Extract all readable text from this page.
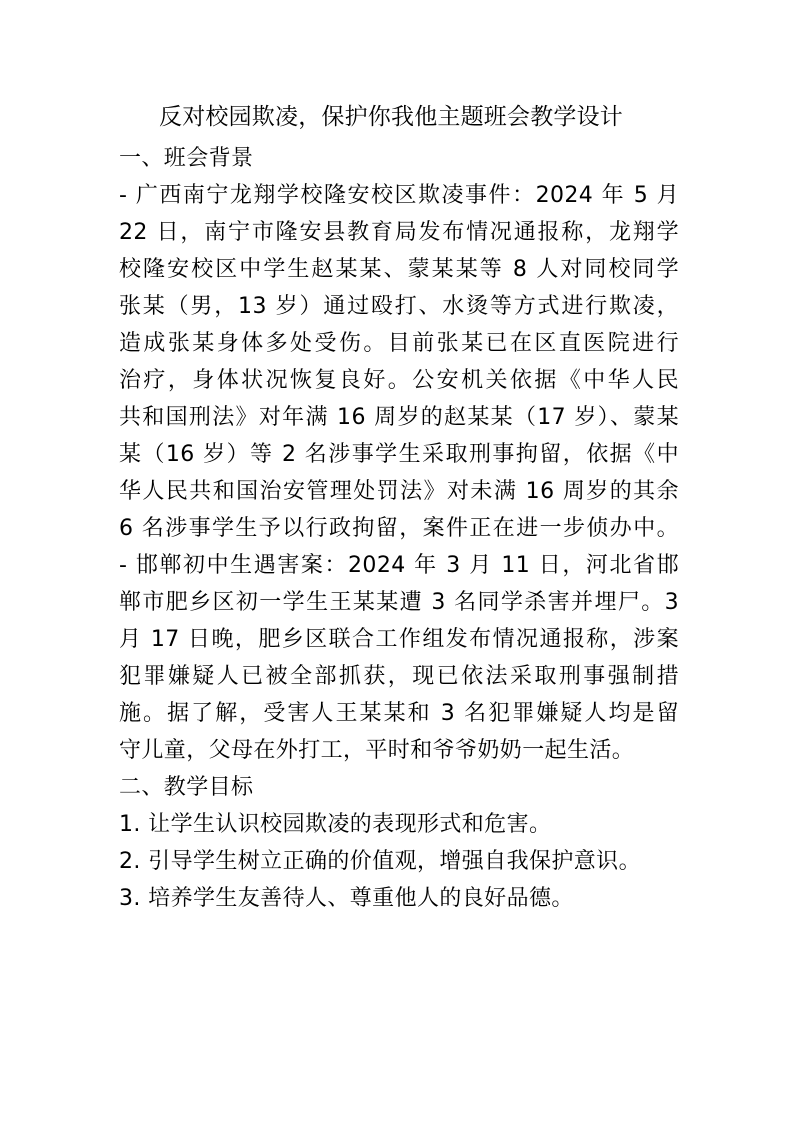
反对校园欺凌，保护你我他主题班会教学设计
一、班会背景
- 广西南宁龙翔学校隆安校区欺凌事件：2024 年 5 月
22 日，南宁市隆安县教育局发布情况通报称，龙翔学
校隆安校区中学生赵某某、蒙某某等 8 人对同校同学
张某（男，13 岁）通过殴打、水烫等方式进行欺凌，
造成张某身体多处受伤。目前张某已在区直医院进行
治疗，身体状况恢复良好。公安机关依据《中华人民
共和国刑法》对年满 16 周岁的赵某某（17 岁）、蒙某
某（16 岁）等 2 名涉事学生采取刑事拘留，依据《中
华人民共和国治安管理处罚法》对未满 16 周岁的其余
6 名涉事学生予以行政拘留，案件正在进一步侦办中。
- 邯郸初中生遇害案：2024 年 3 月 11 日，河北省邯
郸市肥乡区初一学生王某某遭 3 名同学杀害并埋尸。3
月 17 日晚，肥乡区联合工作组发布情况通报称，涉案
犯罪嫌疑人已被全部抓获，现已依法采取刑事强制措
施。据了解，受害人王某某和 3 名犯罪嫌疑人均是留
守儿童，父母在外打工，平时和爷爷奶奶一起生活。
二、教学目标
1. 让学生认识校园欺凌的表现形式和危害。
2. 引导学生树立正确的价值观，增强自我保护意识。
3. 培养学生友善待人、尊重他人的良好品德。
